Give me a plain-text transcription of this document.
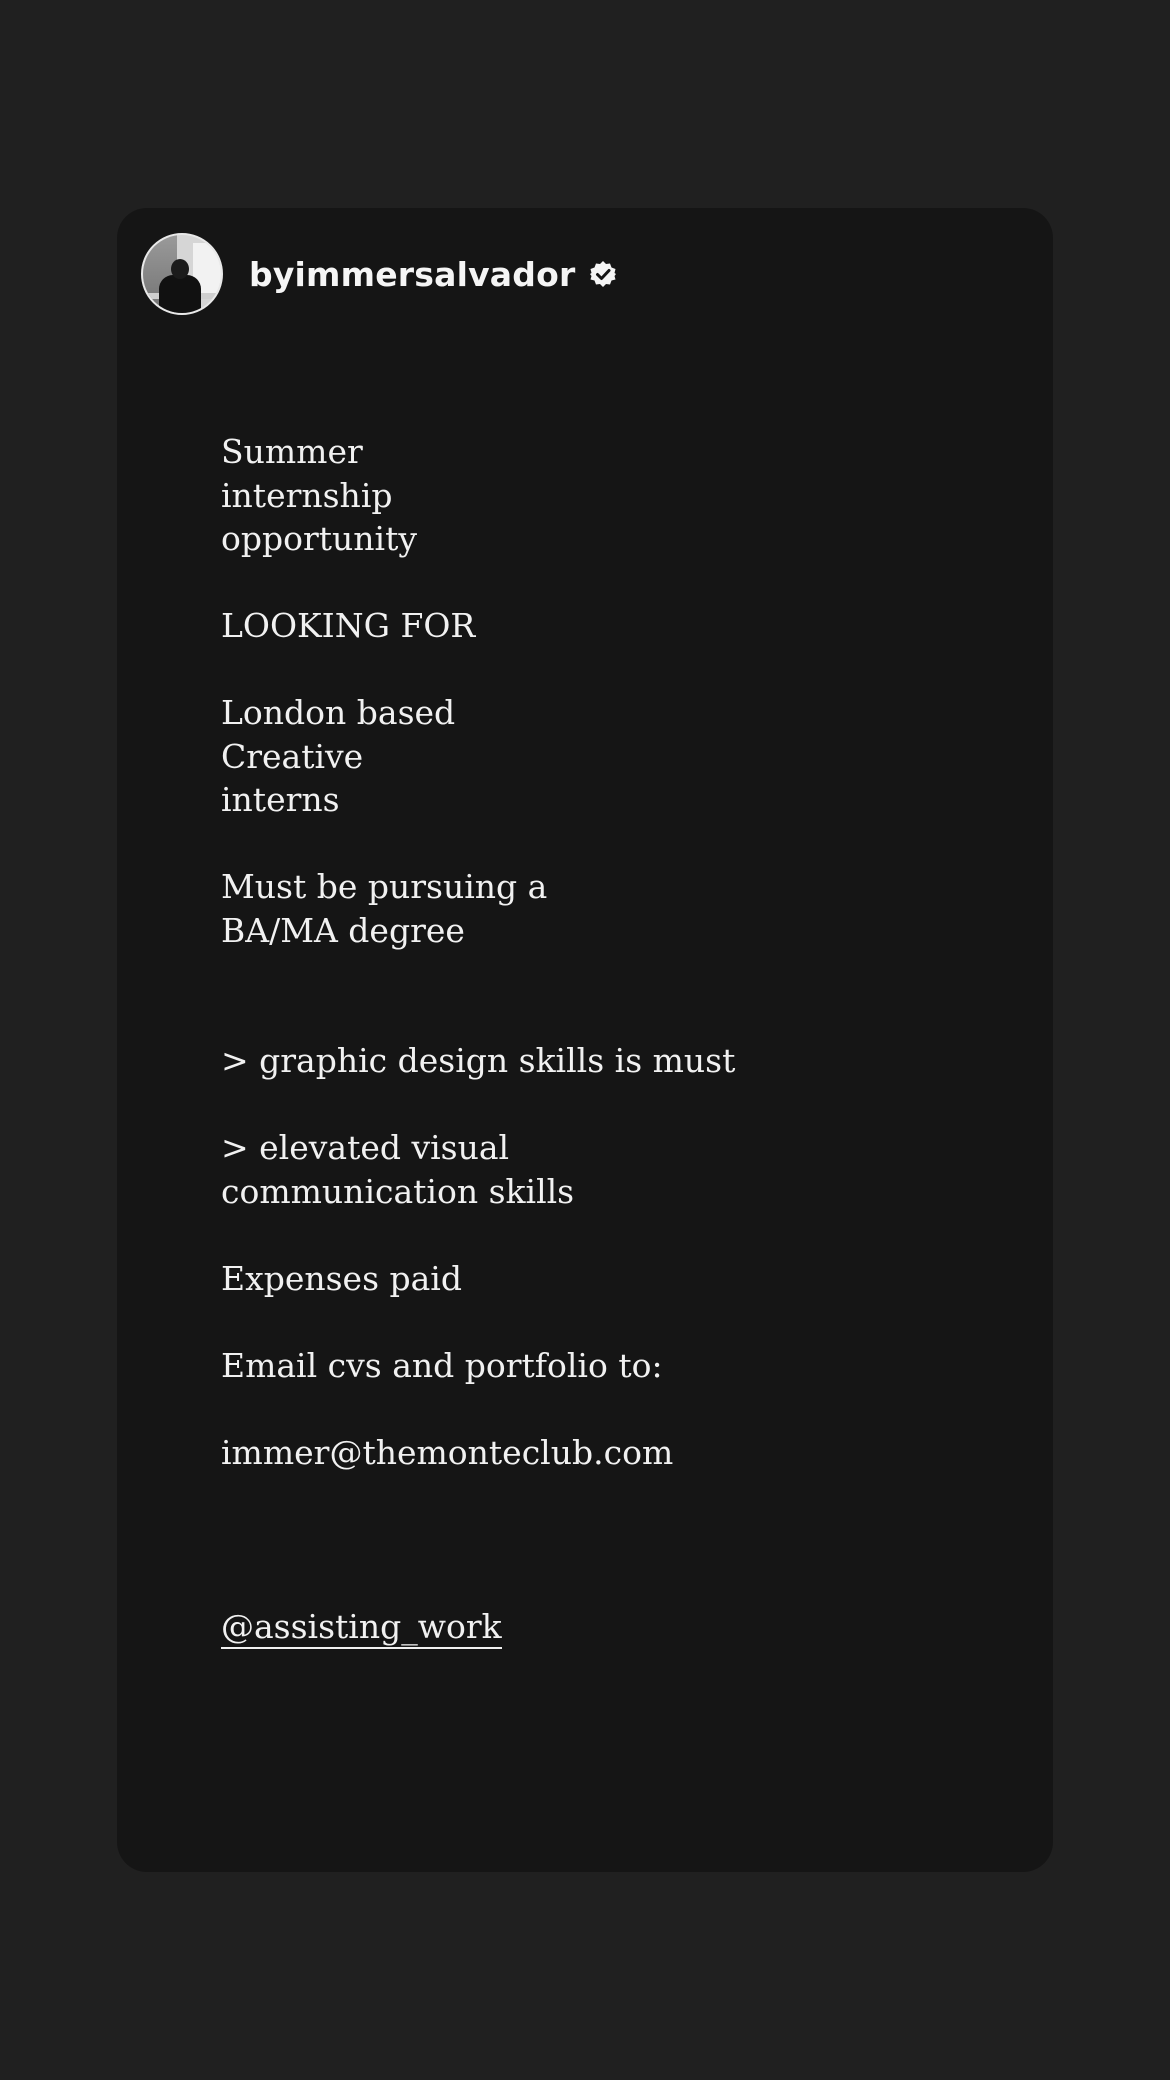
byimmersalvador
Summer
internship
opportunity
LOOKING FOR
London based
Creative
interns
Must be pursuing a
BA/MA degree
> graphic design skills is must
> elevated visual
communication skills
Expenses paid
Email cvs and portfolio to:
immer@themonteclub.com
@assisting_work
